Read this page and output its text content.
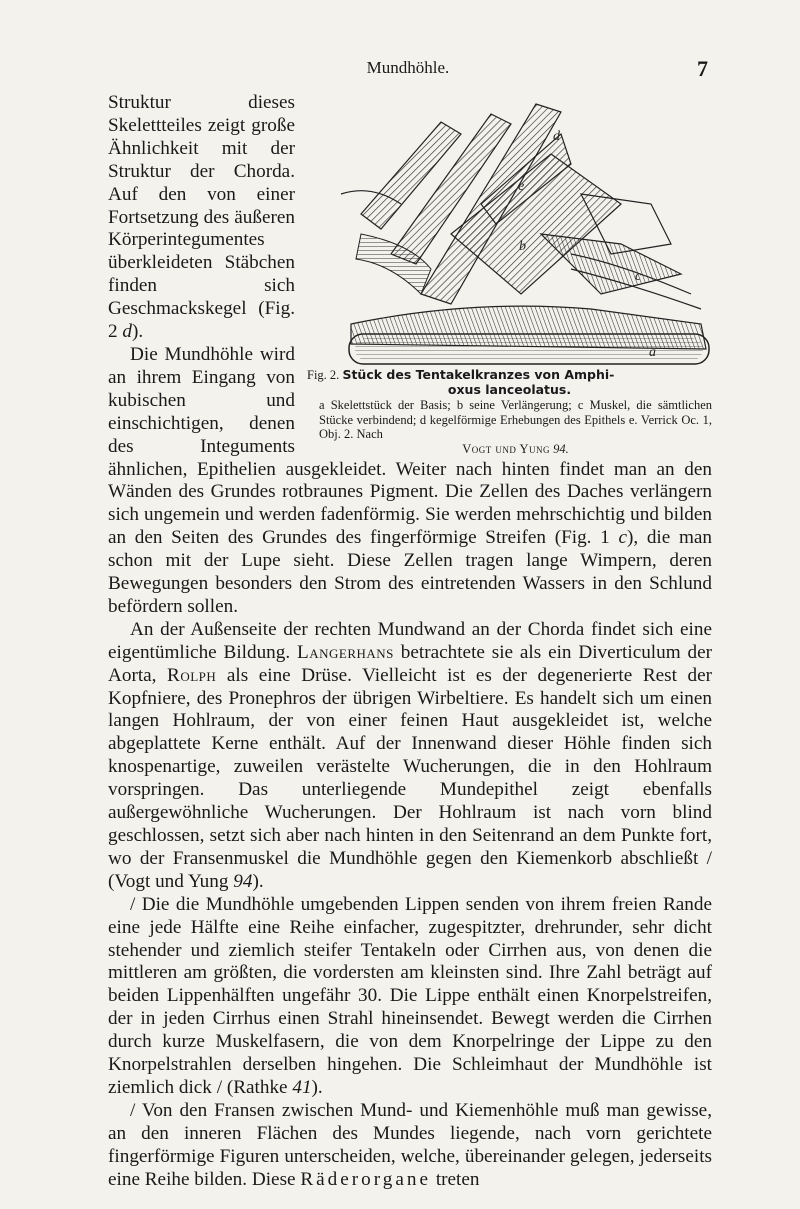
Mundhöhle.	7
d
e
b
c
a
Fig. 2. Stück des Tentakelkranzes von Amphi-
oxus lanceolatus.
a Skelettstück der Basis; b seine Verlängerung; c Muskel, die sämtlichen Stücke verbindend; d kegelförmige Erhebungen des Epithels e. Verrick Oc. 1, Obj. 2. Nach
Vogt und Yung 94.

Struktur dieses Skelettteiles zeigt große Ähnlichkeit mit der Struktur der Chorda. Auf den von einer Fortsetzung des äußeren Körperintegumentes überkleideten Stäbchen finden sich Geschmackskegel (Fig. 2 d).

Die Mundhöhle wird an ihrem Eingang von kubischen und einschichtigen, denen des Integuments ähnlichen, Epithelien ausgekleidet. Weiter nach hinten findet man an den Wänden des Grundes rotbraunes Pigment. Die Zellen des Daches verlängern sich ungemein und werden fadenförmig. Sie werden mehrschichtig und bilden an den Seiten des Grundes des fingerförmige Streifen (Fig. 1 c), die man schon mit der Lupe sieht. Diese Zellen tragen lange Wimpern, deren Bewegungen besonders den Strom des eintretenden Wassers in den Schlund befördern sollen.

An der Außenseite der rechten Mundwand an der Chorda findet sich eine eigentümliche Bildung. Langerhans betrachtete sie als ein Diverticulum der Aorta, Rolph als eine Drüse. Vielleicht ist es der degenerierte Rest der Kopfniere, des Pronephros der übrigen Wirbeltiere. Es handelt sich um einen langen Hohlraum, der von einer feinen Haut ausgekleidet ist, welche abgeplattete Kerne enthält. Auf der Innenwand dieser Höhle finden sich knospenartige, zuweilen verästelte Wucherungen, die in den Hohlraum vorspringen. Das unterliegende Mundepithel zeigt ebenfalls außergewöhnliche Wucherungen. Der Hohlraum ist nach vorn blind geschlossen, setzt sich aber nach hinten in den Seitenrand an dem Punkte fort, wo der Fransenmuskel die Mundhöhle gegen den Kiemenkorb abschließt / (Vogt und Yung 94).

/ Die die Mundhöhle umgebenden Lippen senden von ihrem freien Rande eine jede Hälfte eine Reihe einfacher, zugespitzter, drehrunder, sehr dicht stehender und ziemlich steifer Tentakeln oder Cirrhen aus, von denen die mittleren am größten, die vordersten am kleinsten sind. Ihre Zahl beträgt auf beiden Lippenhälften ungefähr 30. Die Lippe enthält einen Knorpelstreifen, der in jeden Cirrhus einen Strahl hineinsendet. Bewegt werden die Cirrhen durch kurze Muskelfasern, die von dem Knorpelringe der Lippe zu den Knorpelstrahlen derselben hingehen. Die Schleimhaut der Mundhöhle ist ziemlich dick / (Rathke 41).

/ Von den Fransen zwischen Mund- und Kiemenhöhle muß man gewisse, an den inneren Flächen des Mundes liegende, nach vorn gerichtete fingerförmige Figuren unterscheiden, welche, übereinander gelegen, jederseits eine Reihe bilden. Diese Räderorgane treten
